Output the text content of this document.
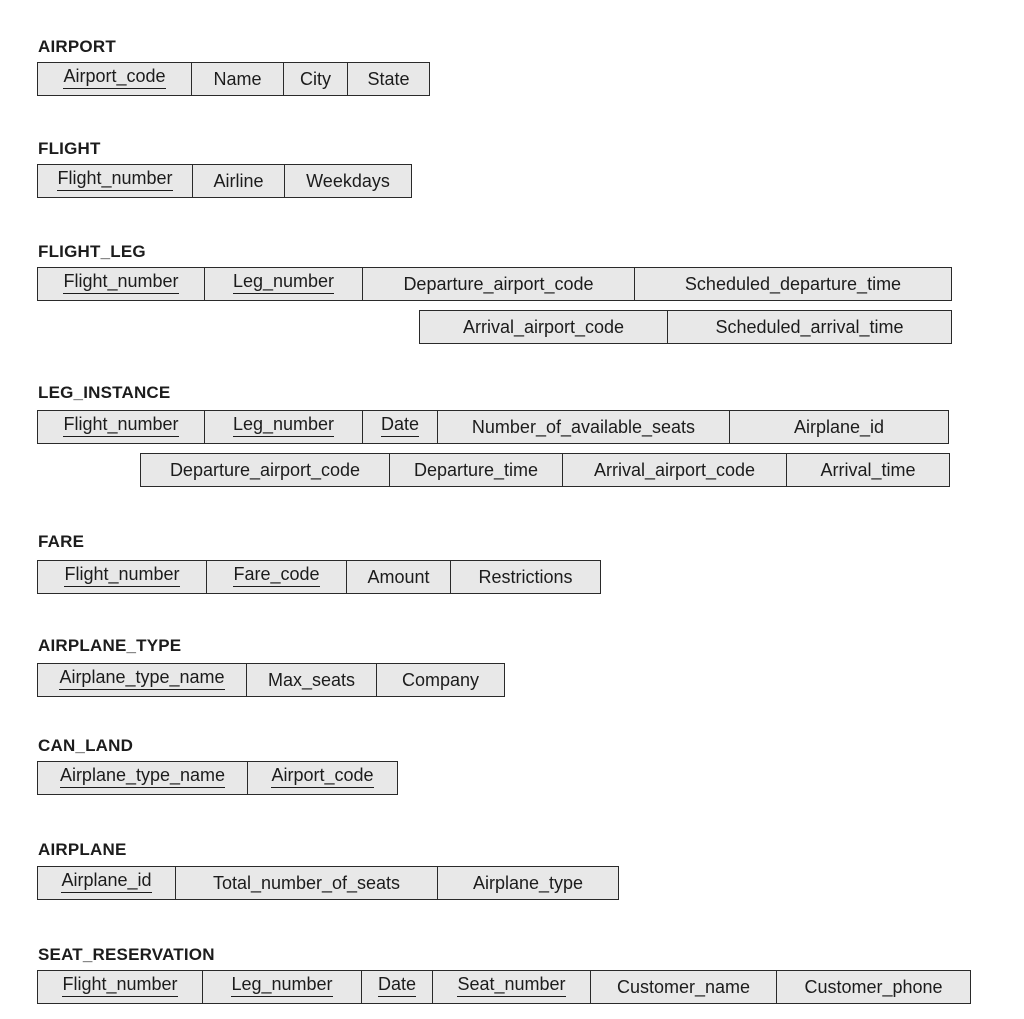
AIRPORT
Airport_code	Name	City	State
FLIGHT
Flight_number	Airline	Weekdays
FLIGHT_LEG
Flight_number	Leg_number	Departure_airport_code	Scheduled_departure_time
Arrival_airport_code	Scheduled_arrival_time
LEG_INSTANCE
Flight_number	Leg_number	Date	Number_of_available_seats	Airplane_id
Departure_airport_code	Departure_time	Arrival_airport_code	Arrival_time
FARE
Flight_number	Fare_code	Amount	Restrictions
AIRPLANE_TYPE
Airplane_type_name	Max_seats	Company
CAN_LAND
Airplane_type_name	Airport_code
AIRPLANE
Airplane_id	Total_number_of_seats	Airplane_type
SEAT_RESERVATION
Flight_number	Leg_number	Date	Seat_number	Customer_name	Customer_phone
